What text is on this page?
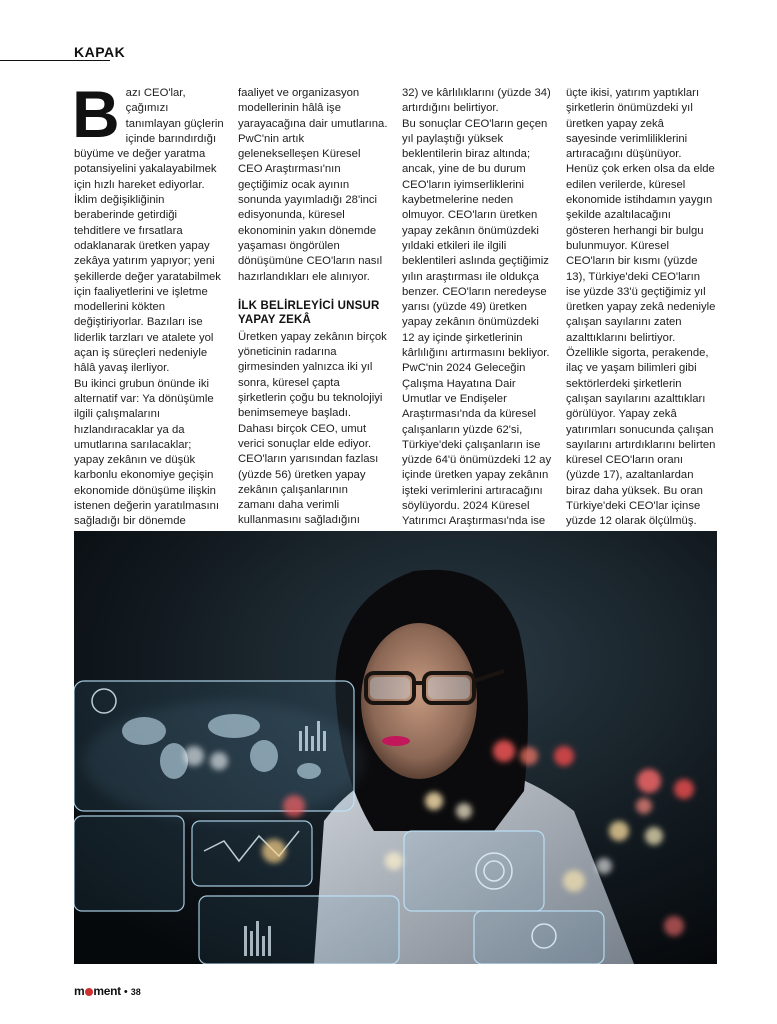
KAPAK
B azı CEO'lar, çağımızı tanımlayan güçlerin içinde barındırdığı büyüme ve değer yaratma potansiyelini yakalayabilmek için hızlı hareket ediyorlar. İklim değişikliğinin beraberinde getirdiği tehditlere ve fırsatlara odaklanarak üretken yapay zekâya yatırım yapıyor; yeni şekillerde değer yaratabilmek için faaliyetlerini ve işletme modellerini kökten değiştiriyorlar. Bazıları ise liderlik tarzları ve atalete yol açan iş süreçleri nedeniyle hâlâ yavaş ilerliyor.

Bu ikinci grubun önünde iki alternatif var: Ya dönüşümle ilgili çalışmalarını hızlandıracaklar ya da umutlarına sarılacaklar; yapay zekânın ve düşük karbonlu ekonomiye geçişin ekonomide dönüşüme ilişkin istenen değerin yaratılmasını sağladığı bir dönemde

faaliyet ve organizasyon modellerinin hâlâ işe yarayacağına dair umutlarına. PwC'nin artık gelenekselleşen Küresel CEO Araştırması'nın geçtiğimiz ocak ayının sonunda yayımladığı 28'inci edisyonunda, küresel ekonominin yakın dönemde yaşaması öngörülen dönüşümüne CEO'ların nasıl hazırlandıkları ele alınıyor.

İLK BELİRLEYİCİ UNSUR YAPAY ZEKÂ

Üretken yapay zekânın birçok yöneticinin radarına girmesinden yalnızca iki yıl sonra, küresel çapta şirketlerin çoğu bu teknolojiyi benimsemeye başladı. Dahası birçok CEO, umut verici sonuçlar elde ediyor. CEO'ların yarısından fazlası (yüzde 56) üretken yapay zekânın çalışanlarının zamanı daha verimli kullanmasını sağladığını

32) ve kârlılıklarını (yüzde 34) artırdığını belirtiyor.

Bu sonuçlar CEO'ların geçen yıl paylaştığı yüksek beklentilerin biraz altında; ancak, yine de bu durum CEO'ların iyimserliklerini kaybetmelerine neden olmuyor. CEO'ların üretken yapay zekânın önümüzdeki yıldaki etkileri ile ilgili beklentileri aslında geçtiğimiz yılın araştırması ile oldukça benzer. CEO'ların neredeyse yarısı (yüzde 49) üretken yapay zekânın önümüzdeki 12 ay içinde şirketlerinin kârlılığını artırmasını bekliyor. PwC'nin 2024 Geleceğin Çalışma Hayatına Dair Umutlar ve Endişeler Araştırması'nda da küresel çalışanların yüzde 62'si, Türkiye'deki çalışanların ise yüzde 64'ü önümüzdeki 12 ay içinde üretken yapay zekânın işteki verimlerini artıracağını söylüyordu. 2024 Küresel Yatırımcı Araştırması'nda ise

üçte ikisi, yatırım yaptıkları şirketlerin önümüzdeki yıl üretken yapay zekâ sayesinde verimliliklerini artıracağını düşünüyor.

Henüz çok erken olsa da elde edilen verilerde, küresel ekonomide istihdamın yaygın şekilde azaltılacağını gösteren herhangi bir bulgu bulunmuyor. Küresel CEO'ların bir kısmı (yüzde 13), Türkiye'deki CEO'ların ise yüzde 33'ü geçtiğimiz yıl üretken yapay zekâ nedeniyle çalışan sayılarını zaten azalttıklarını belirtiyor. Özellikle sigorta, perakende, ilaç ve yaşam bilimleri gibi sektörlerdeki şirketlerin çalışan sayılarını azalttıkları görülüyor. Yapay zekâ yatırımları sonucunda çalışan sayılarını artırdıklarını belirten küresel CEO'ların oranı (yüzde 17), azaltanlardan biraz daha yüksek. Bu oran Türkiye'deki CEO'lar içinse yüzde 12 olarak ölçülmüş.

m ment • 38
